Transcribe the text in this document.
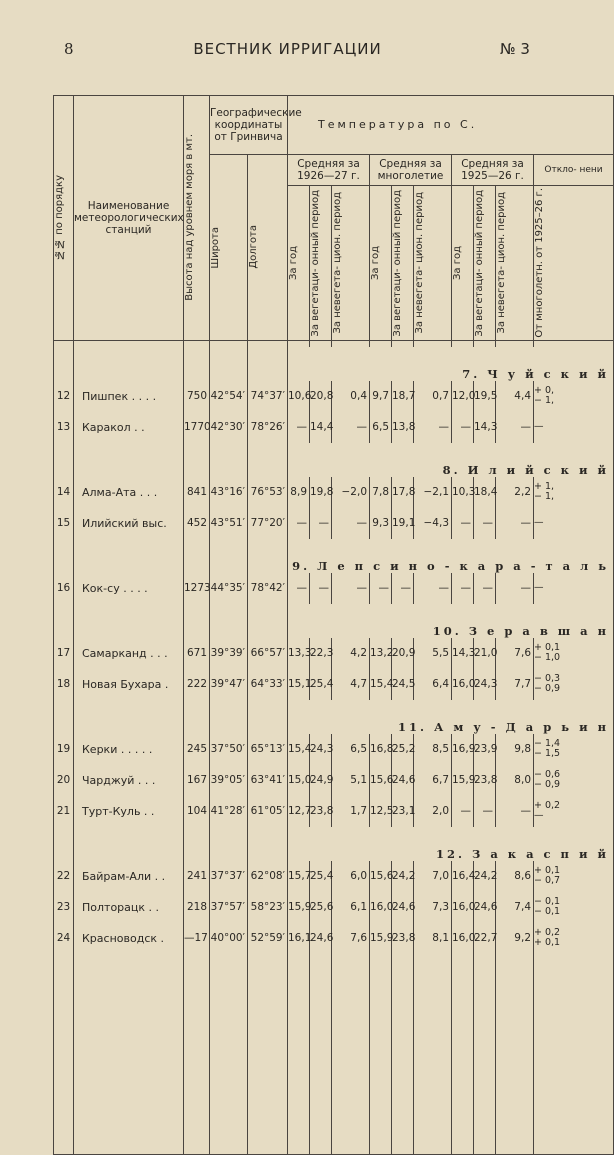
8	ВЕСТНИК ИРРИГАЦИИ	№ 3
№№ по порядку	Наименование метеорологических станций	Высота над уровнем моря в мт.	Географические координаты от Гринвича		Температура по С.									

			Широта	Долгота	Средняя за 1926—27 г.			Средняя за многолетие			Средняя за 1925—26 г.			Откло- нени

					За год	За вегетаци- онный период	За невегета- цион. период	За год	За вегетаци- онный период	За невегета- цион. период	За год	За вегетаци- онный период	За невегета- цион. период	От многолетн. от 1925–26 г.

					7. Ч у й с к и й									
12	Пишпек . . . .	750	42°54′	74°37′	10,6	20,8	0,4	9,7	18,7	0,7	12,0	19,5	4,4	+ 0,
− 1,
13	Каракол . .	1770	42°30′	78°26′	—	14,4	—	6,5	13,8	—	—	14,3	—	—
					8. И л и й с к и й									
14	Алма-Ата . . .	841	43°16′	76°53′	8,9	19,8	−2,0	7,8	17,8	−2,1	10,3	18,4	2,2	+ 1,
− 1,
15	Илийский выс.	452	43°51′	77°20′	—	—	—	9,3	19,1	−4,3	—	—	—	—
					9. Л е п с и н о - к а р а - т а л ь									
16	Кок-су . . . .	1273	44°35′	78°42′	—	—	—	—	—	—	—	—	—	—
					10. З е р а в ш а н									
17	Самарканд . . .	671	39°39′	66°57′	13,3	22,3	4,2	13,2	20,9	5,5	14,3	21,0	7,6	+ 0,1
− 1,0
18	Новая Бухара .	222	39°47′	64°33′	15,1	25,4	4,7	15,4	24,5	6,4	16,0	24,3	7,7	− 0,3
− 0,9
					11. А м у - Д а р ь и н									
19	Керки . . . . .	245	37°50′	65°13′	15,4	24,3	6,5	16,8	25,2	8,5	16,9	23,9	9,8	− 1,4
− 1,5
20	Чарджуй . . .	167	39°05′	63°41′	15,0	24,9	5,1	15,6	24,6	6,7	15,9	23,8	8,0	− 0,6
− 0,9
21	Турт-Куль . .	104	41°28′	61°05′	12,7	23,8	1,7	12,5	23,1	2,0	—	—	—	+ 0,2
—
					12. З а к а с п и й									
22	Байрам-Али . .	241	37°37′	62°08′	15,7	25,4	6,0	15,6	24,2	7,0	16,4	24,2	8,6	+ 0,1
− 0,7
23	Полторацк . .	218	37°57′	58°23′	15,9	25,6	6,1	16,0	24,6	7,3	16,0	24,6	7,4	− 0,1
− 0,1
24	Красноводск .	—17	40°00′	52°59′	16,1	24,6	7,6	15,9	23,8	8,1	16,0	22,7	9,2	+ 0,2
+ 0,1
